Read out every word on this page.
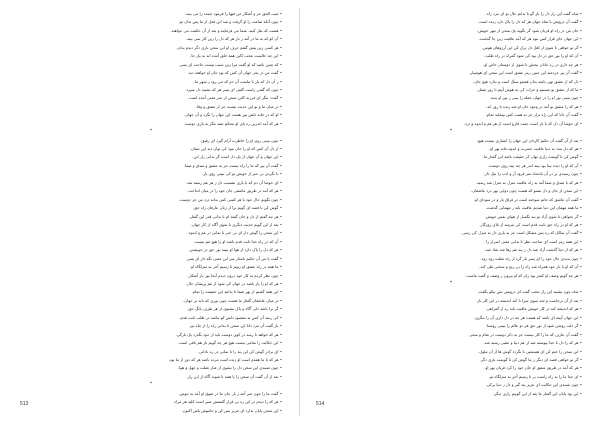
• غیب الحق عز و آشکار من فیها را فرمود جنبده را می بیند.
• چون آنکه ساعت را او گرفت و شد این فعل از ما پس بدان تو.
• هست که نقل کنید. شما می فرمایند و بعد از آن حکمت می خواهند.
• آن کو که به ما در آمد ز نار هر که دل را زین کار نمی بیند.
• هر کسی زین پیش گفتم حرف او این سخن باری دگر دیدم بدان.
• این چه حالست عجب کاین همه خلق آمده اند به یک جا.
• که چنین باشد که او گفت مرا زین سبب نیست حاجت ای پسر.
• گفت من در بحر جهان آن کس که بود جان او خواهند دید.
• ز آن دل که یار با ماست آن دم که می رود ز شهر ما.
• چون که گفتی راست گفتی ای پسر هر که بشنید دل سپرد.
• گفت: بنگر ای فرزند کاین سخن از بحر معنی آمده است.
• در میان ما و تو این حدیث نیست جز از عشق و وفا.
• او که در خانه دلش نور هست این جهان را نگرد و آن جهان.
• هر که آمد اندرین ره پای او محکم نشد مگر به یاری دوست.
*
• چون ببینی روی او را خاطرت آرام گیرد ای رفیق.
• از دل آن کس که او را جان نبود کی توان دید این نشان.
• این جهان و آن جهان از یک دل است گر بدانی راز این.
• گفت آن پیر که ما را راه نیست جز به عشق و صدق و صفا.
• تا نگردی بی خبر از خویش تو کی ببینی روی یار.
• ای خوشا آن دم که با یاری نشست دل ز هر غم رسته شد.
• هر که آمد در طریق عاشقی جان خود را در میان انداخت.
• چون بگویم حال خود با هر کسی کس نداند درد من جز دوست.
• گوش کن تا قصه ای گویم ترا از زبان عارفان راه حق.
• هر چه گفتم از دل و جان گفته ام تا بدانی قدر این گفتار.
• بعد از این گویم حدیث دیگری تا شوی آگاه از کار جهان.
• این سخن را گوش دار ای بی خبر تا نمانی در غم و اندوه.
• آن که در راه خدا ثابت قدم باشد او را هیچ غم نیست.
• هر که دل را پاک دارد از هوا او ببیند نور حق در خویشتن.
• گفت با من آن حکیم نامدار سر این معنی نگه دار ای پسر.
• ما همه در راه عشق او رویم تا رسیم آخر به منزلگاه او.
• چون نظر کردم به کار خود درون دیدم آنجا نور یار آشکار.
• هر که او را یار باشد در جهان کی شود از غم پریشان حال.
• این همه گفتیم از بهر شما تا بدانید این حقیقت را تمام.
• در میان عاشقان گفتار ما هست چون نوری که تابد بر جهان.
• گر ترا باشد دلی آگاه و پاک بشنوی از هر طرف بانگ حق.
• کی رسد آن کس به مقصود دلش کو نباشد در طلب ثابت قدم.
• باز گفت آن مرد دانا این سخن تا بدانی راه را از چاه نیز.
• هر که خواهد تا رسد در کوی دوست باید از خود بگذرد یک بارگی.
• این حکایت را تمامی نیست هیچ هر چه گویم باز هم باقی است.
• ای برادر گوش کن این پند را تا نمانی در ره نادانی.
• هر که با ما همدم است او زنده است مرده باشد هر که دور از ما بود.
• چون شنیدی این سخن دل را بشوی از غبار غفلت و جهل و هوا.
• بعد از آن گفت آن سخن را با همه تا شوند آگاه از این راز.
*
• گفت ما را چون خبر آمد ز یار جان ما در شوق او آمد به جوش.
• هر که را دیدم در این ره بی قرار گفتمش صبر است کلید هر مراد.
• این سخن پایان ندارد ای عزیز بس کن و خاموش باش اکنون.
513
• شاه گفت این راز دل را باز گو تا بدانم حال تو ای مرد راه.
• گفت آن درویش با شاه جهان هر که دل را پاک دارد زنده است.
• جان من در راه او قربان شود گر بگوید یک سخن از مهر خویش.
• این جهان جای قرار کس نبود هر که آمد عاقبت زین جا گذشت.
• گر تو خواهی تا شوی از اهل دل ترک کن این آرزوهای هوس.
• آن که او را نور حق در دل بود کی شود گمراه در راه طلب.
• هر چه داری در ره جانان ببخش تا شوی از دوستان خاص او.
• گفت آن پیر خردمند این چنین رمز عشق است این سخن ای هوشیار.
• دل که از عشق تهی باشد بدان همچو سنگ است و ندارد هیچ جان.
• ما که از عشق تو مستیم و خراب کی به هوش آییم تا روز شمار.
• چون ببینی نور او را در جهان جمله را بینی ز نور او پدید.
• هر که را عشق تو آمد در وجود جان او شد زنده تا روز ابد.
• گفت آن دانا که این راه دراز جز به همت کس نپیماید تمام.
• ای خوشا آن دل که با یار است جفت فارغ است از هر غم و اندوه و درد.
*
• بعد از آن گفت آن حکیم کاردان این جهان را اعتباری نیست هیچ.
• هر که دل بندد به دنیا عاقبت حسرت و اندوه ماند بهر او.
• گوش کن تا گویمت رازی نهان کز حقیقت باشد این گفتار ما.
• آن که او را دیده بینا بود بیند اندر هر چه بیند روی دوست.
• چون رسیدی بر در آن پادشاه سر فرود آر و ادب را نیک دار.
• هر که با صدق و صفا آمد به راه عاقبت منزل به منزل شد رسید.
• این سخن از جان و دل بشنو که هست چون دوایی بهر درد عاشقان.
• گفت آن عاشق که جانم سوخته است در فراق یار و در سودای او.
• ما همه مهمان این دنیا شدیم عاقبت باید ز مهمانی گذشت.
• گر بخواهی تا شوی آزاد تو بند بگسل از هوای نفس خویش.
• هر که او در راه حق ثابت قدم است کی بترسد از بلای روزگار.
• گفت آن سالک که ره بس مشکل است جز به یاری دل به منزل کی رسی.
• این همه رمز است ای صاحب نظر تا بدانی معنی اسرار را.
• هر که از دنیا گذشت آزاد شد دل ز بند غم رها شد شاد شد.
• چون بدیدی حال خود را ای پسر باز گرد از راه غفلت زود زود.
• آن که او با یار خود همراه شد راه را بی رنج و سختی طی کند.
• هر چه گویم وصف او کمتر بود زان که او بیرون ز وصف و گفت ماست.
*
• شاه چون بشنید این راز عجب گفت ای درویش بس نیکو بگفت.
• بعد از آن برخاست و شد سوی سرا تا کند اندیشه در این کار باز.
• هر که اندیشه کند در کار خویش عاقبت یابد ره از گمراهی.
• این جهان آیینه ای باشد که هست هر چه در دل داری آن را بنگری.
• گر دلت روشن شود از نور حق هر دو عالم را ببینی روشنا.
• گفت آن عارف که ما را کار نیست جز به ذکر دوست در شام و سحر.
• هر که را دل با خدا پیوسته شد از غم دنیا و عقبی رسته شد.
• این سخن را ختم کن ای همنشین تا نگردد گوش ها از آن ملول.
• گر تو خواهی قصه ای دیگر ز ما گوش کن تا گویمت باری دگر.
• هر که آمد در طریق عشق او جان خود را کرد قربان بهر او.
• ای خدا ما را به راه راست بر تا رسیم آخر به منزلگاه تو.
• چون شنیدی این حکایت ای عزیز پند گیر و دل ز دنیا برکن.
• این بود پایان این گفتار ما بعد از این گوییم رازی دیگر.
514
